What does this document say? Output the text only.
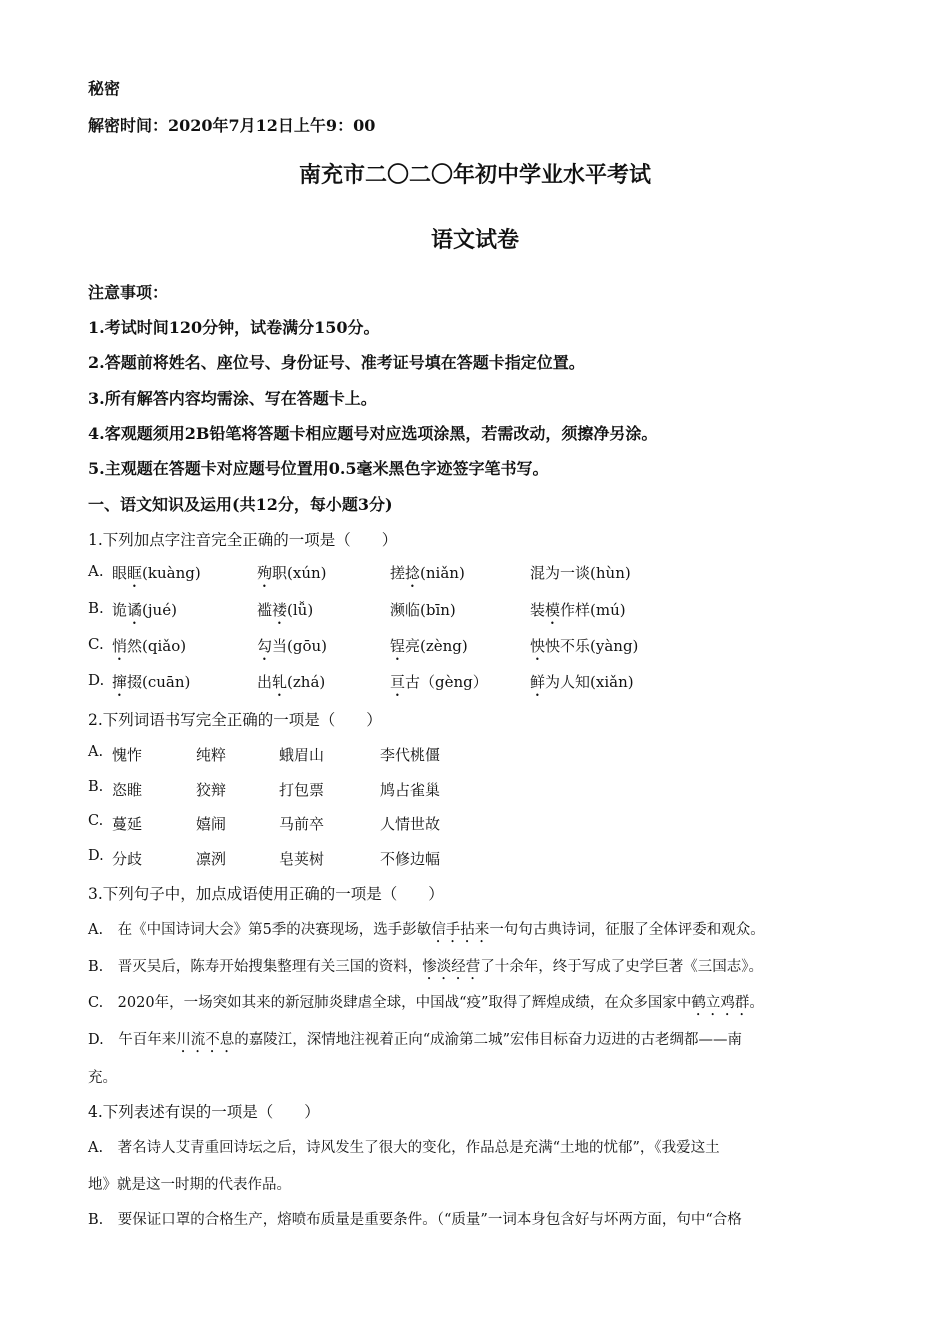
秘密
解密时间：2020年7月12日上午9：00
南充市二〇二〇年初中学业水平考试
语文试卷
注意事项：
1.考试时间120分钟，试卷满分150分。
2.答题前将姓名、座位号、身份证号、准考证号填在答题卡指定位置。
3.所有解答内容均需涂、写在答题卡上。
4.客观题须用2B铅笔将答题卡相应题号对应选项涂黑，若需改动，须擦净另涂。
5.主观题在答题卡对应题号位置用0.5毫米黑色字迹签字笔书写。
一、语文知识及运用(共12分，每小题3分)
1.下列加点字注音完全正确的一项是（　　）
A. 眼眶(kuàng)	殉职(xún)	搓捻(niǎn)	混为一谈(hùn)
B. 诡谲(jué)	褴褛(lǚ)	濒临(bīn)	装模作样(mú)
C. 悄然(qiǎo)	勾当(gōu)	锃亮(zèng)	怏怏不乐(yàng)
D. 撺掇(cuān)	出轧(zhá)	亘古（gèng）	鲜为人知(xiǎn)
2.下列词语书写完全正确的一项是（　　）
A. 愧怍	纯粹	蛾眉山	李代桃僵
B. 恣睢	狡辩	打包票	鸠占雀巢
C. 蔓延	嬉闹	马前卒	人情世故
D. 分歧	凛洌	皂荚树	不修边幅
3.下列句子中，加点成语使用正确的一项是（　　）
A.　在《中国诗词大会》第5季的决赛现场，选手彭敏信手拈来一句句古典诗词，征服了全体评委和观众。
B.　晋灭吴后，陈寿开始搜集整理有关三国的资料，惨淡经营了十余年，终于写成了史学巨著《三国志》。
C.　2020年，一场突如其来的新冠肺炎肆虐全球，中国战“疫”取得了辉煌成绩，在众多国家中鹤立鸡群。
D.　午百年来川流不息的嘉陵江，深情地注视着正向“成渝第二城”宏伟目标奋力迈进的古老绸都——南
充。
4.下列表述有误的一项是（　　）
A.　著名诗人艾青重回诗坛之后，诗风发生了很大的变化，作品总是充满“土地的忧郁”，《我爱这土
地》就是这一时期的代表作品。
B.　要保证口罩的合格生产，熔喷布质量是重要条件。（“质量”一词本身包含好与坏两方面，句中“合格
